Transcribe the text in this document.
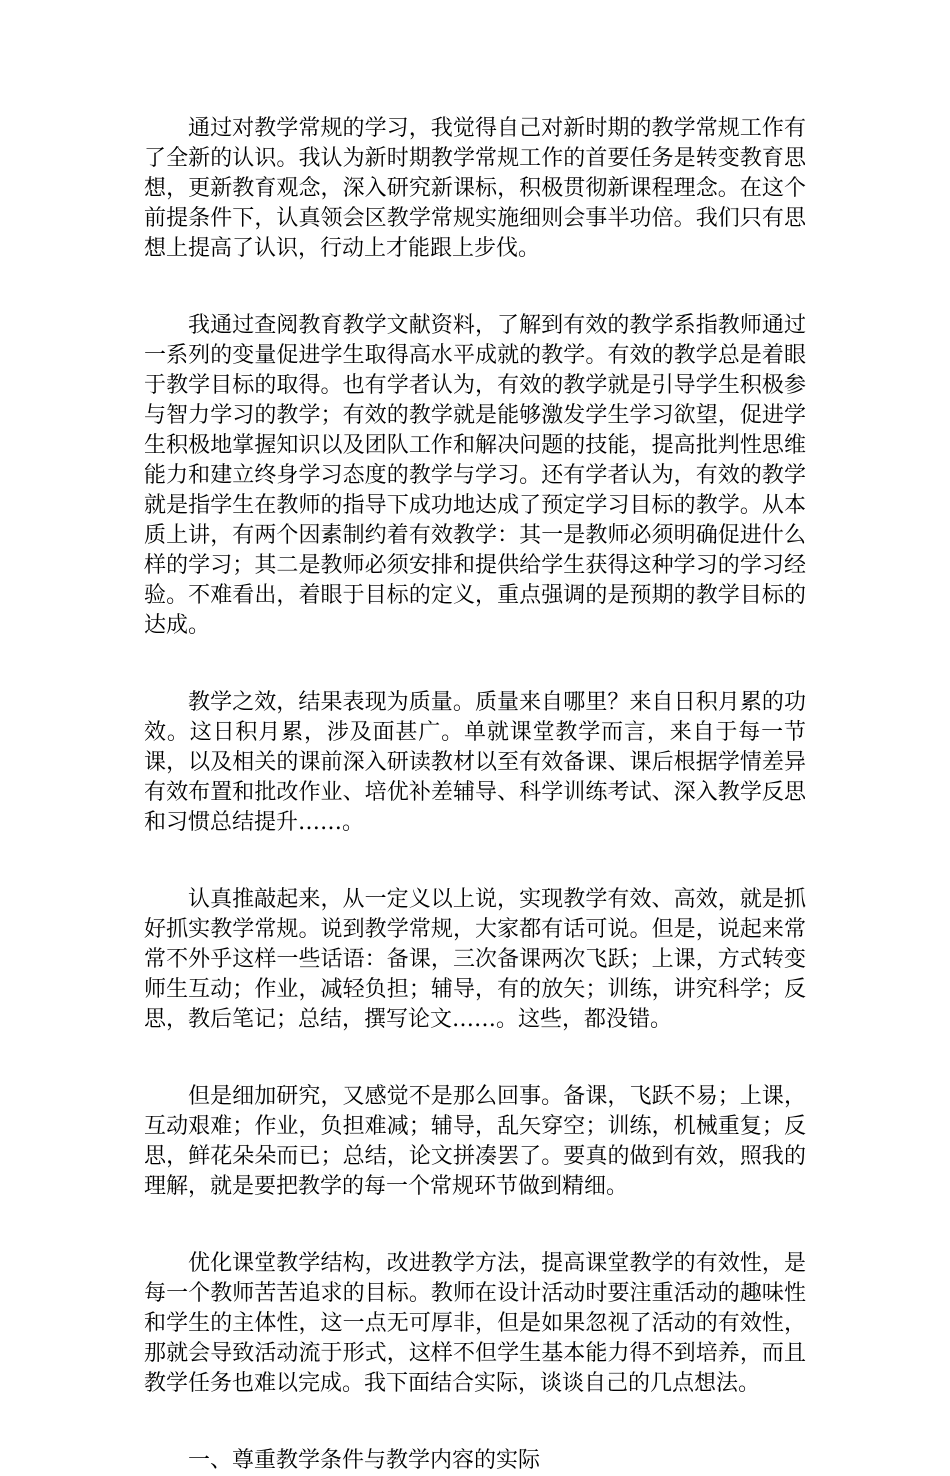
通过对教学常规的学习，我觉得自己对新时期的教学常规工作有了全新的认识。我认为新时期教学常规工作的首要任务是转变教育思想，更新教育观念，深入研究新课标，积极贯彻新课程理念。在这个前提条件下，认真领会区教学常规实施细则会事半功倍。我们只有思想上提高了认识，行动上才能跟上步伐。

我通过查阅教育教学文献资料，了解到有效的教学系指教师通过一系列的变量促进学生取得高水平成就的教学。有效的教学总是着眼于教学目标的取得。也有学者认为，有效的教学就是引导学生积极参与智力学习的教学；有效的教学就是能够激发学生学习欲望，促进学生积极地掌握知识以及团队工作和解决问题的技能，提高批判性思维能力和建立终身学习态度的教学与学习。还有学者认为，有效的教学就是指学生在教师的指导下成功地达成了预定学习目标的教学。从本质上讲，有两个因素制约着有效教学：其一是教师必须明确促进什么样的学习；其二是教师必须安排和提供给学生获得这种学习的学习经验。不难看出，着眼于目标的定义，重点强调的是预期的教学目标的达成。

教学之效，结果表现为质量。质量来自哪里？来自日积月累的功效。这日积月累，涉及面甚广。单就课堂教学而言，来自于每一节课，以及相关的课前深入研读教材以至有效备课、课后根据学情差异有效布置和批改作业、培优补差辅导、科学训练考试、深入教学反思和习惯总结提升……。

认真推敲起来，从一定义以上说，实现教学有效、高效，就是抓好抓实教学常规。说到教学常规，大家都有话可说。但是，说起来常常不外乎这样一些话语：备课，三次备课两次飞跃；上课，方式转变师生互动；作业，减轻负担；辅导，有的放矢；训练，讲究科学；反思，教后笔记；总结，撰写论文……。这些，都没错。

但是细加研究，又感觉不是那么回事。备课，飞跃不易；上课，互动艰难；作业，负担难减；辅导，乱矢穿空；训练，机械重复；反思，鲜花朵朵而已；总结，论文拼凑罢了。要真的做到有效，照我的理解，就是要把教学的每一个常规环节做到精细。

优化课堂教学结构，改进教学方法，提高课堂教学的有效性，是每一个教师苦苦追求的目标。教师在设计活动时要注重活动的趣味性和学生的主体性，这一点无可厚非，但是如果忽视了活动的有效性，那就会导致活动流于形式，这样不但学生基本能力得不到培养，而且教学任务也难以完成。我下面结合实际，谈谈自己的几点想法。

一、尊重教学条件与教学内容的实际
